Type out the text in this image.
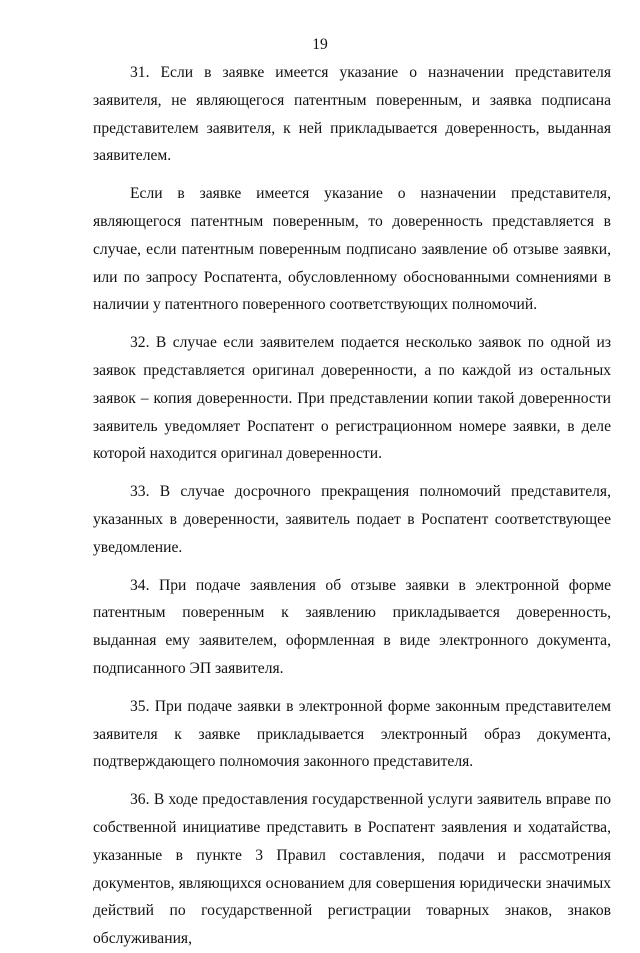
19

31. Если в заявке имеется указание о назначении представителя заявителя, не являющегося патентным поверенным, и заявка подписана представителем заявителя, к ней прикладывается доверенность, выданная заявителем.

Если в заявке имеется указание о назначении представителя, являющегося патентным поверенным, то доверенность представляется в случае, если патентным поверенным подписано заявление об отзыве заявки, или по запросу Роспатента, обусловленному обоснованными сомнениями в наличии у патентного поверенного соответствующих полномочий.

32. В случае если заявителем подается несколько заявок по одной из заявок представляется оригинал доверенности, а по каждой из остальных заявок – копия доверенности. При представлении копии такой доверенности заявитель уведомляет Роспатент о регистрационном номере заявки, в деле которой находится оригинал доверенности.

33. В случае досрочного прекращения полномочий представителя, указанных в доверенности, заявитель подает в Роспатент соответствующее уведомление.

34. При подаче заявления об отзыве заявки в электронной форме патентным поверенным к заявлению прикладывается доверенность, выданная ему заявителем, оформленная в виде электронного документа, подписанного ЭП заявителя.

35. При подаче заявки в электронной форме законным представителем заявителя к заявке прикладывается электронный образ документа, подтверждающего полномочия законного представителя.

36. В ходе предоставления государственной услуги заявитель вправе по собственной инициативе представить в Роспатент заявления и ходатайства, указанные в пункте 3 Правил составления, подачи и рассмотрения документов, являющихся основанием для совершения юридически значимых действий по государственной регистрации товарных знаков, знаков обслуживания,
